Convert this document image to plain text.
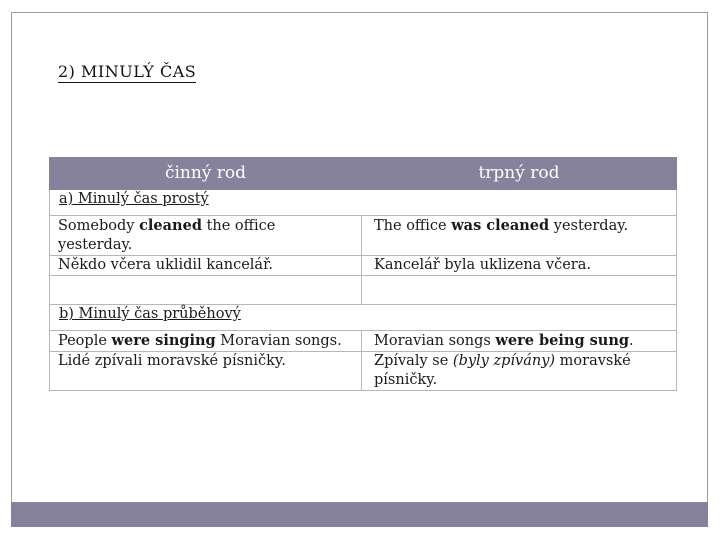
2) MINULÝ ČAS
činný rod	trpný rod
a) Minulý čas prostý	
Somebody cleaned the office yesterday.	The office was cleaned yesterday.
Někdo včera uklidil kancelář.	Kancelář byla uklizena včera.

b) Minulý čas průběhový	
People were singing Moravian songs.	Moravian songs were being sung.
Lidé zpívali moravské písničky.	Zpívaly se (byly zpívány) moravské písničky.
